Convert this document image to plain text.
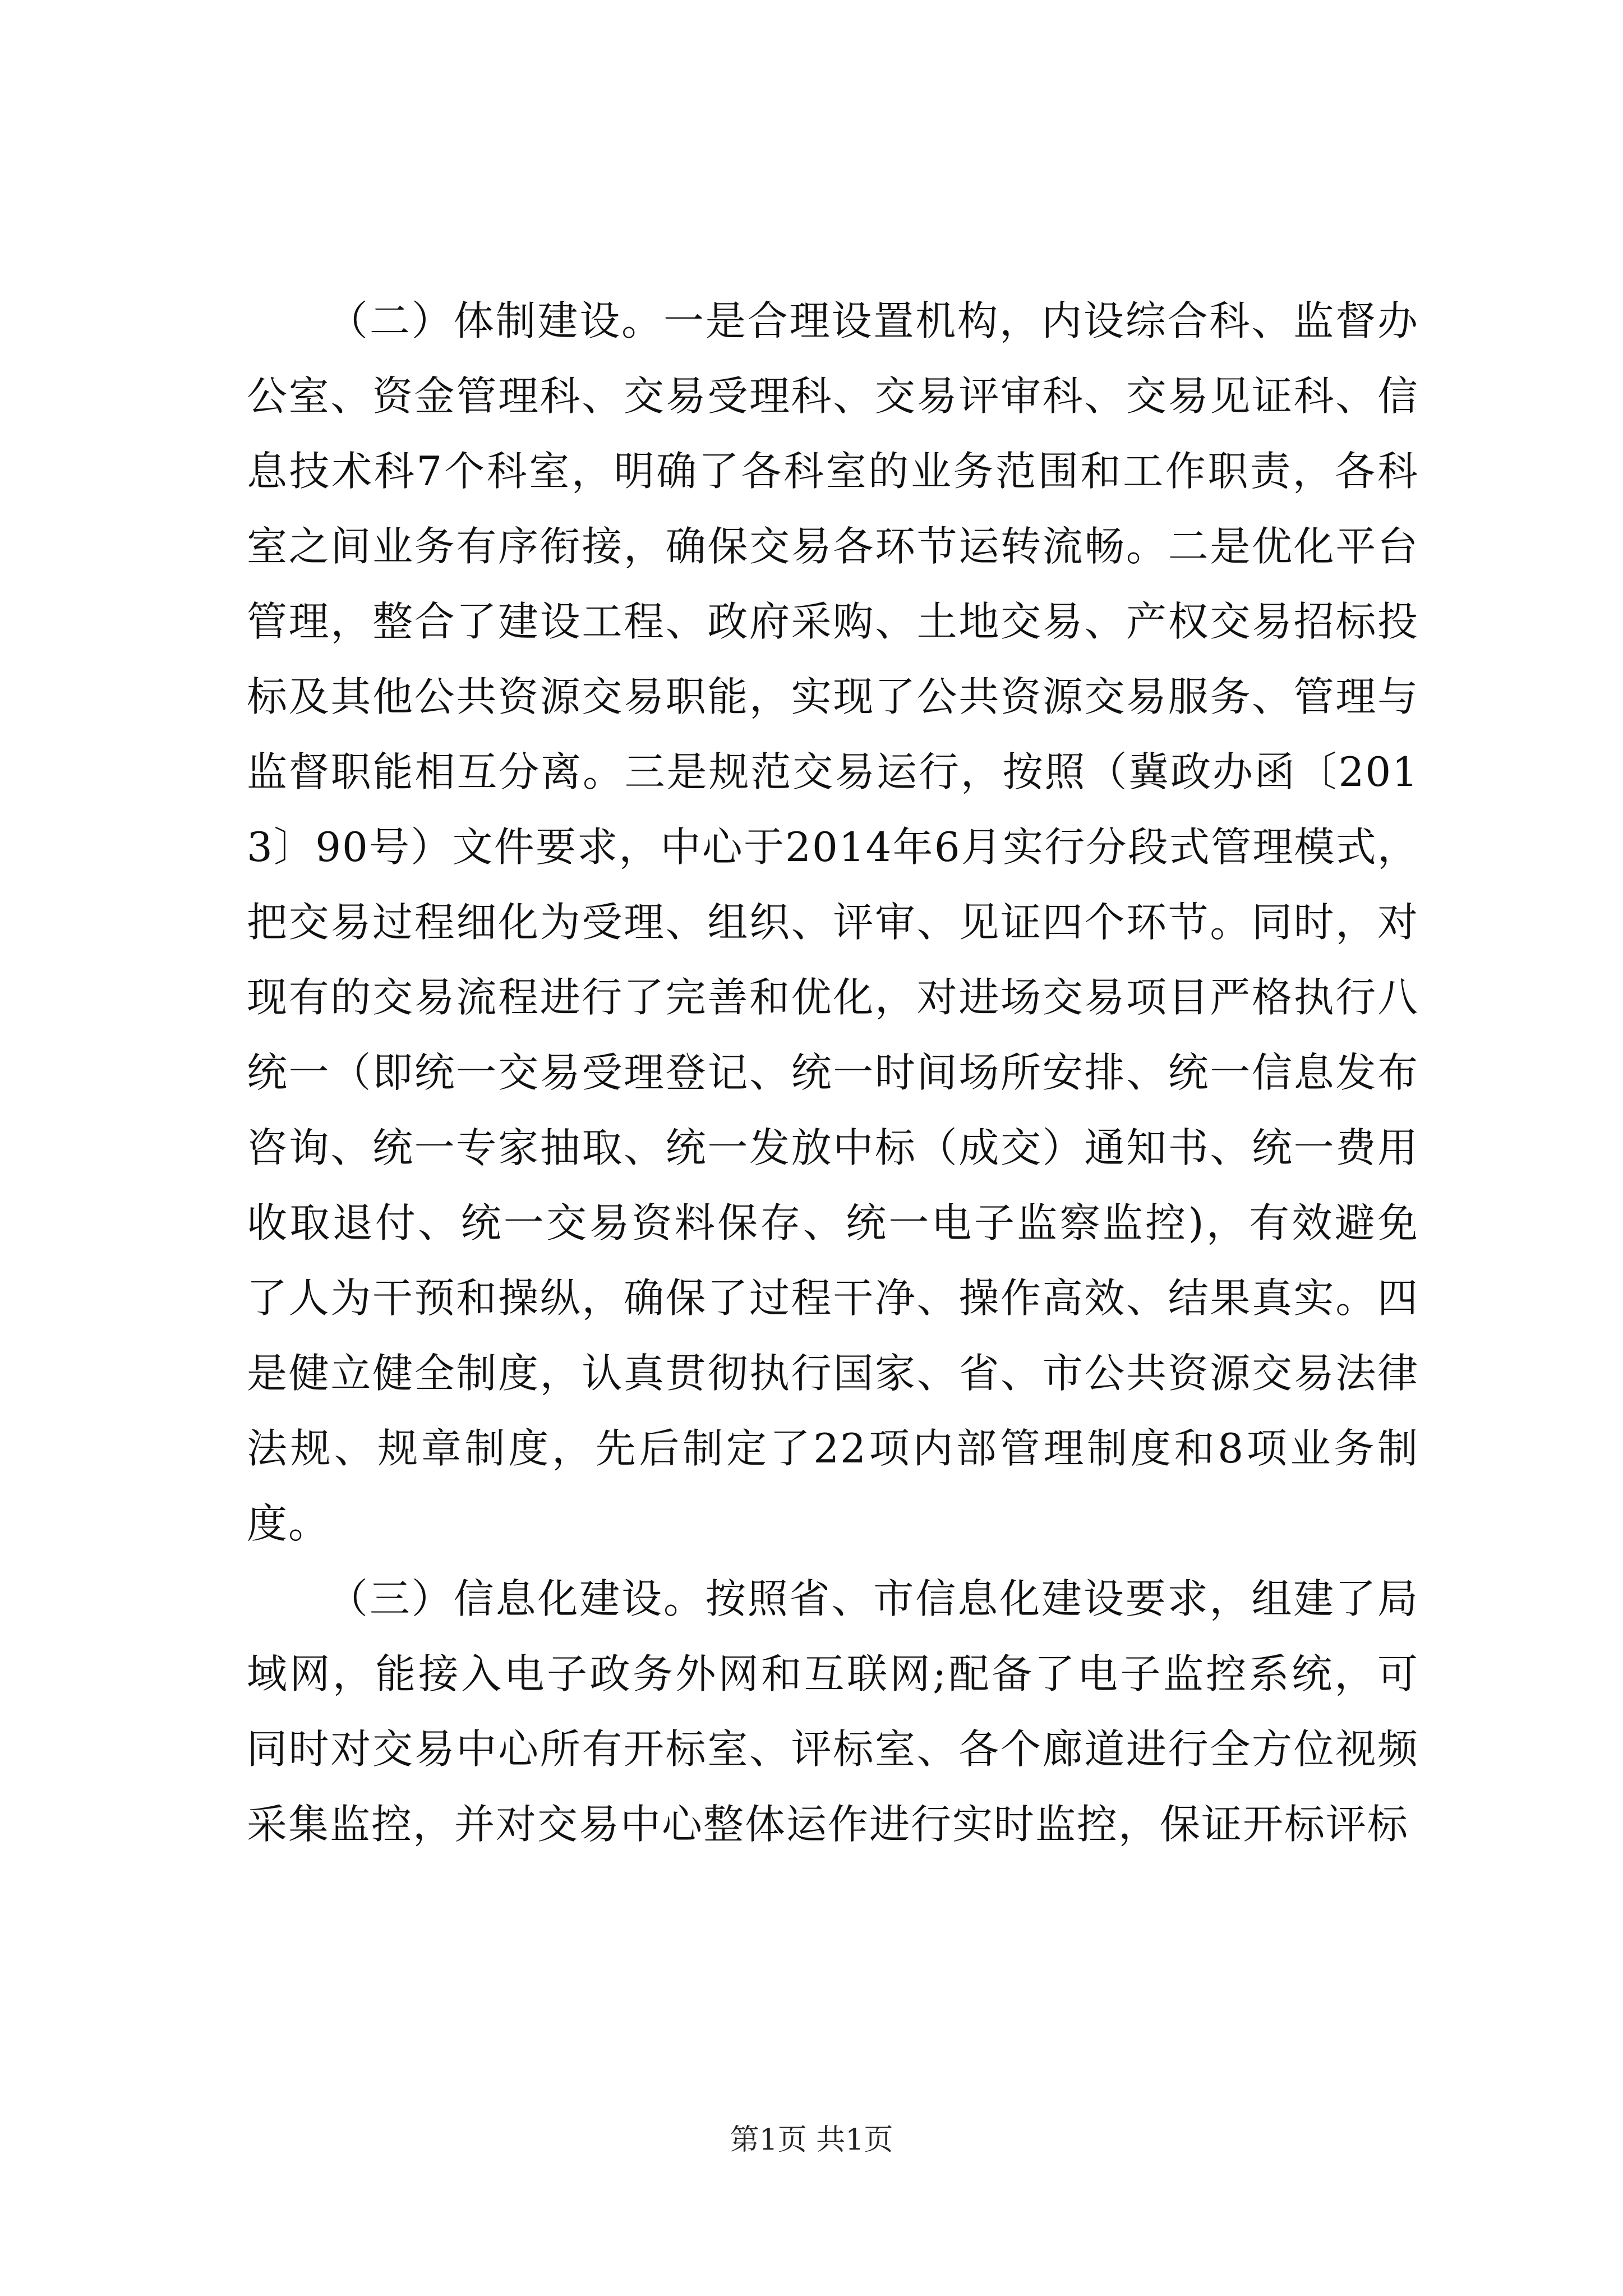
（二）体制建设。一是合理设置机构，内设综合科、监督办公室、资金管理科、交易受理科、交易评审科、交易见证科、信息技术科7个科室，明确了各科室的业务范围和工作职责，各科室之间业务有序衔接，确保交易各环节运转流畅。二是优化平台管理，整合了建设工程、政府采购、土地交易、产权交易招标投标及其他公共资源交易职能，实现了公共资源交易服务、管理与监督职能相互分离。三是规范交易运行，按照（冀政办函〔2013〕90号）文件要求，中心于2014年6月实行分段式管理模式，把交易过程细化为受理、组织、评审、见证四个环节。同时，对现有的交易流程进行了完善和优化，对进场交易项目严格执行八统一（即统一交易受理登记、统一时间场所安排、统一信息发布咨询、统一专家抽取、统一发放中标（成交）通知书、统一费用收取退付、统一交易资料保存、统一电子监察监控)，有效避免了人为干预和操纵，确保了过程干净、操作高效、结果真实。四是健立健全制度，认真贯彻执行国家、省、市公共资源交易法律法规、规章制度，先后制定了22项内部管理制度和8项业务制度。

（三）信息化建设。按照省、市信息化建设要求，组建了局域网，能接入电子政务外网和互联网;配备了电子监控系统，可同时对交易中心所有开标室、评标室、各个廊道进行全方位视频采集监控，并对交易中心整体运作进行实时监控，保证开标评标

第1页 共1页
